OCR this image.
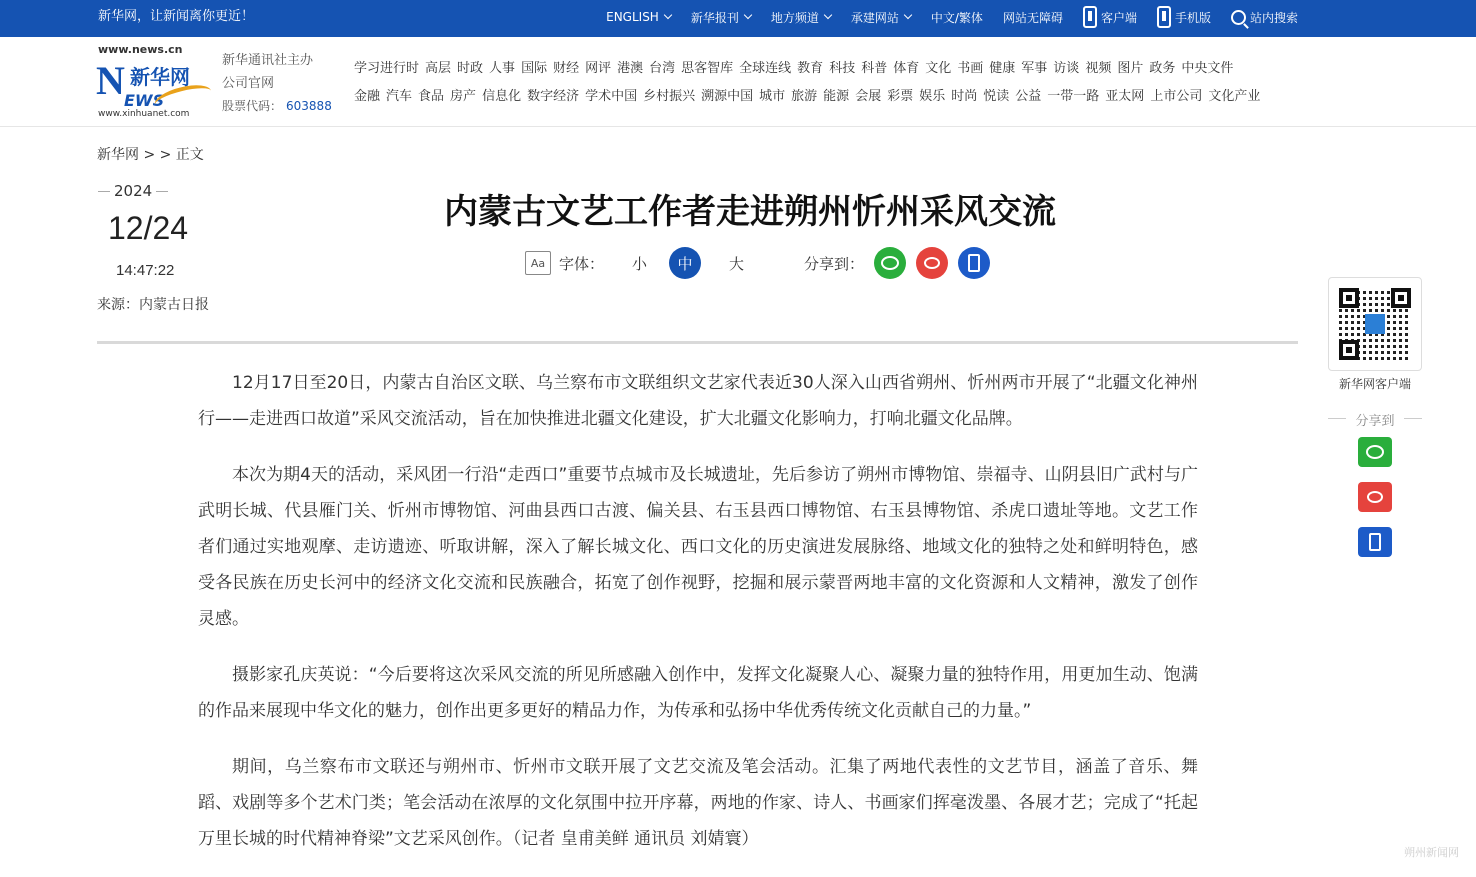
新华网，让新闻离你更近！	ENGLISH	新华报刊	地方频道	承建网站	中文/繁体 网站无障碍	客户端	手机版	站内搜索
www.news.cn
N 新华网
EWS
www.xinhuanet.com
新华通讯社主办
公司官网
股票代码： 603888
学习进行时 高层 时政 人事 国际 财经 网评 港澳 台湾 思客智库 全球连线 教育 科技 科普 体育 文化 书画 健康 军事 访谈 视频 图片 政务 中央文件
金融 汽车 食品 房产 信息化 数字经济 学术中国 乡村振兴 溯源中国 城市 旅游 能源 会展 彩票 娱乐 时尚 悦读 公益 一带一路 亚太网 上市公司 文化产业
新华网 > > 正文
2024
12/24
14:47:22
来源：内蒙古日报
内蒙古文艺工作者走进朔州忻州采风交流
Aa 字体： 小	中	大	分享到：

12月17日至20日，内蒙古自治区文联、乌兰察布市文联组织文艺家代表近30人深入山西省朔州、忻州两市开展了“北疆文化神州行——走进西口故道”采风交流活动，旨在加快推进北疆文化建设，扩大北疆文化影响力，打响北疆文化品牌。

本次为期4天的活动，采风团一行沿“走西口”重要节点城市及长城遗址，先后参访了朔州市博物馆、崇福寺、山阴县旧广武村与广武明长城、代县雁门关、忻州市博物馆、河曲县西口古渡、偏关县、右玉县西口博物馆、右玉县博物馆、杀虎口遗址等地。文艺工作者们通过实地观摩、走访遗迹、听取讲解，深入了解长城文化、西口文化的历史演进发展脉络、地域文化的独特之处和鲜明特色，感受各民族在历史长河中的经济文化交流和民族融合，拓宽了创作视野，挖掘和展示蒙晋两地丰富的文化资源和人文精神，激发了创作灵感。

摄影家孔庆英说：“今后要将这次采风交流的所见所感融入创作中，发挥文化凝聚人心、凝聚力量的独特作用，用更加生动、饱满的作品来展现中华文化的魅力，创作出更多更好的精品力作，为传承和弘扬中华优秀传统文化贡献自己的力量。”

期间，乌兰察布市文联还与朔州市、忻州市文联开展了文艺交流及笔会活动。汇集了两地代表性的文艺节目，涵盖了音乐、舞蹈、戏剧等多个艺术门类；笔会活动在浓厚的文化氛围中拉开序幕，两地的作家、诗人、书画家们挥毫泼墨、各展才艺；完成了“托起万里长城的时代精神脊梁”文艺采风创作。（记者 皇甫美鲜 通讯员 刘婧寰）

新华网客户端
分享到
朔州新闻网
